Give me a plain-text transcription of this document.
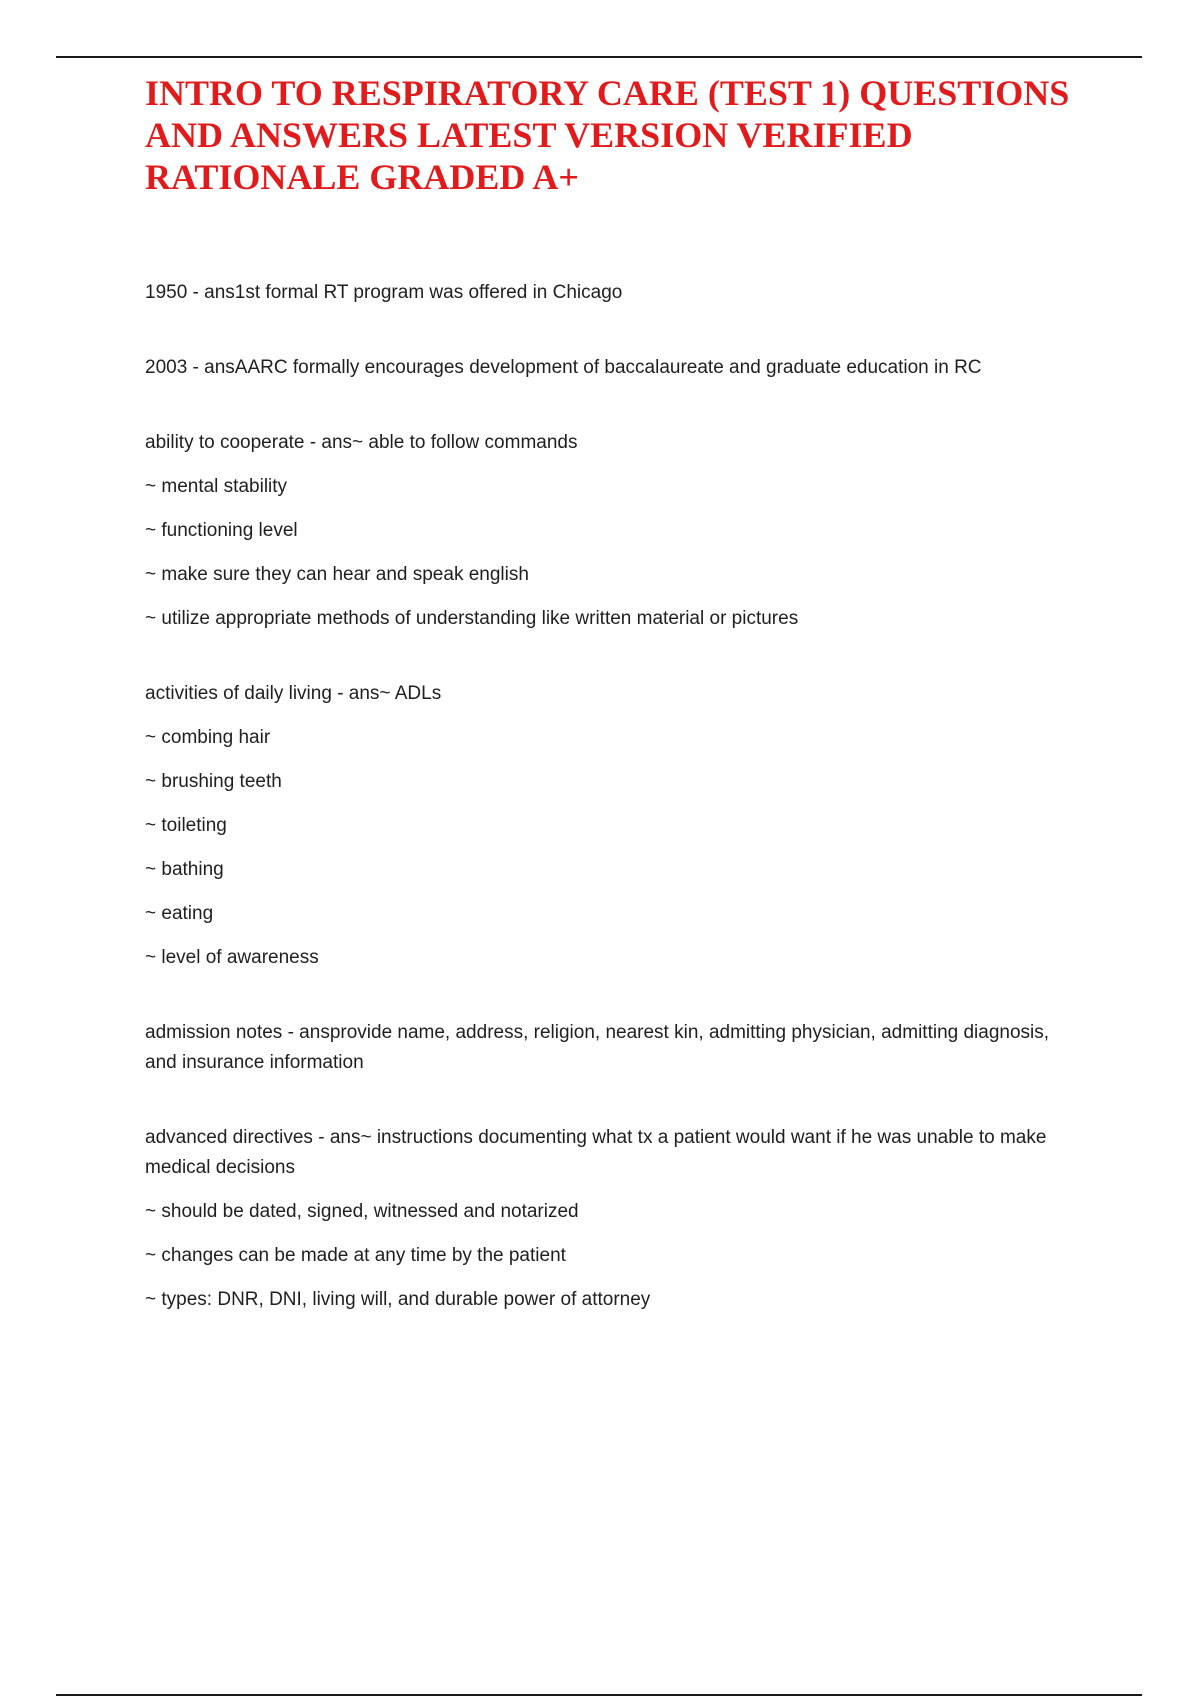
INTRO TO RESPIRATORY CARE (TEST 1) QUESTIONS AND ANSWERS LATEST VERSION VERIFIED RATIONALE GRADED A+

1950 - ans1st formal RT program was offered in Chicago

2003 - ansAARC formally encourages development of baccalaureate and graduate education in RC

ability to cooperate - ans~ able to follow commands

~ mental stability

~ functioning level

~ make sure they can hear and speak english

~ utilize appropriate methods of understanding like written material or pictures

activities of daily living - ans~ ADLs

~ combing hair

~ brushing teeth

~ toileting

~ bathing

~ eating

~ level of awareness

admission notes - ansprovide name, address, religion, nearest kin, admitting physician, admitting diagnosis, and insurance information

advanced directives - ans~ instructions documenting what tx a patient would want if he was unable to make medical decisions

~ should be dated, signed, witnessed and notarized

~ changes can be made at any time by the patient

~ types: DNR, DNI, living will, and durable power of attorney
